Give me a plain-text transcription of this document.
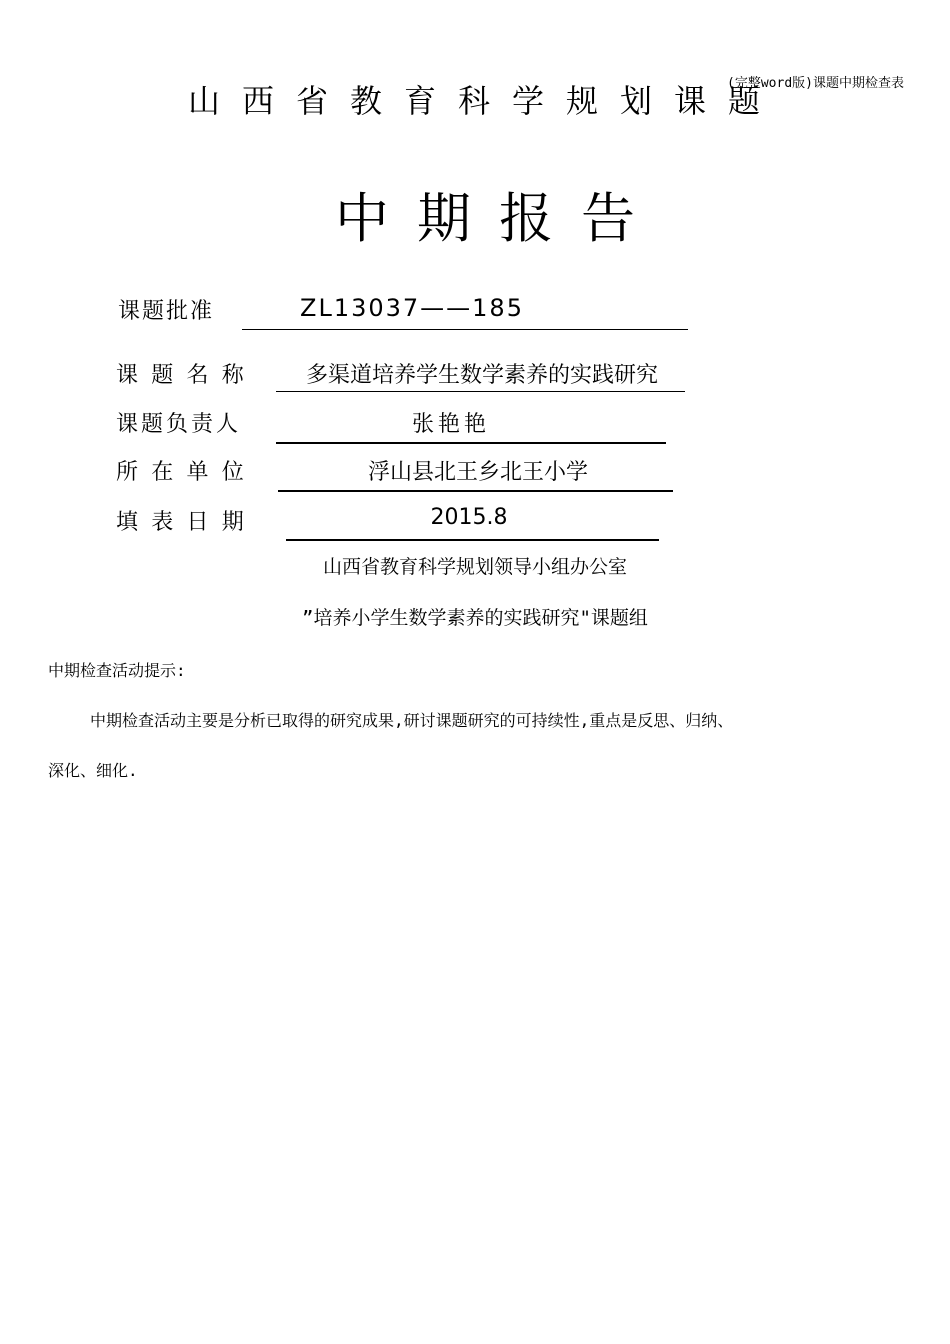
(完整word版)课题中期检查表
山西省教育科学规划课题
中期报告
课题批准	ZL13037——185
课 题 名 称	多渠道培养学生数学素养的实践研究
课题负责人	张艳艳
所 在 单 位	浮山县北王乡北王小学
填 表 日 期	2015.8
山西省教育科学规划领导小组办公室
”培养小学生数学素养的实践研究"课题组
中期检查活动提示:
中期检查活动主要是分析已取得的研究成果,研讨课题研究的可持续性,重点是反思、归纳、
深化、细化.
